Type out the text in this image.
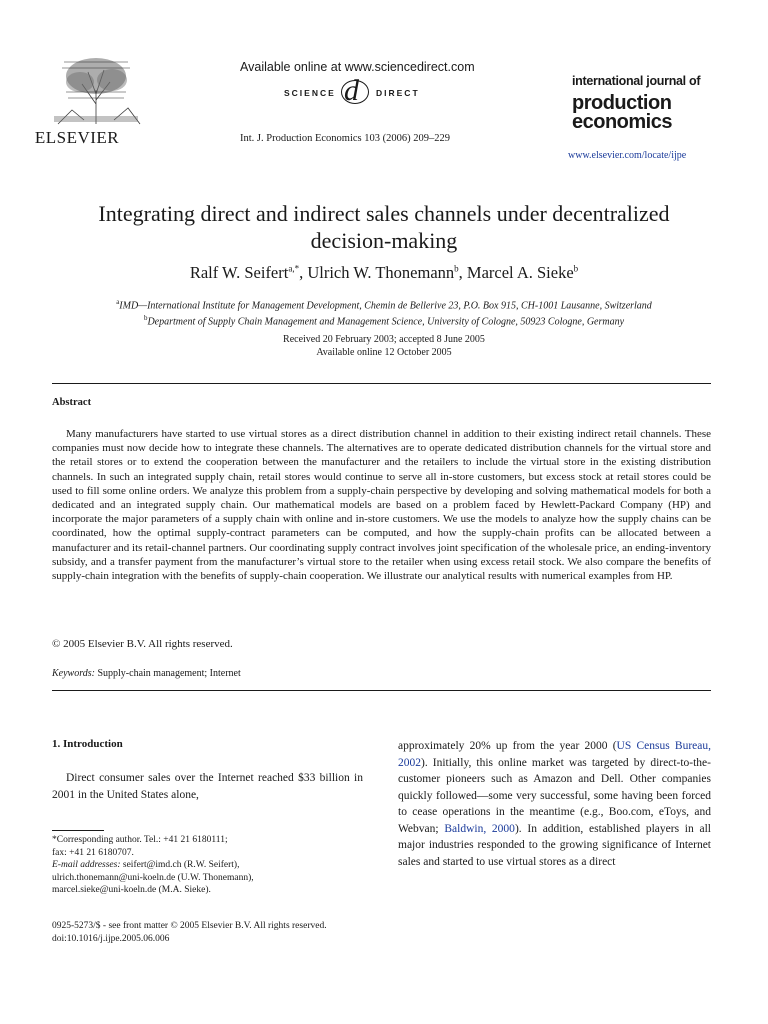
ELSEVIER
Available online at www.sciencedirect.com
SCIENCE d DIRECT
Int. J. Production Economics 103 (2006) 209–229
international journal of
production
economics
www.elsevier.com/locate/ijpe
Integrating direct and indirect sales channels under decentralized
decision-making
Ralf W. Seifert$^{a,*}$, Ulrich W. Thonemann$^b$, Marcel A. Sieke$^b$
$^a$IMD—International Institute for Management Development, Chemin de Bellerive 23, P.O. Box 915, CH-1001 Lausanne, Switzerland
$^b$Department of Supply Chain Management and Management Science, University of Cologne, 50923 Cologne, Germany
Received 20 February 2003; accepted 8 June 2005
Available online 12 October 2005
Abstract

Many manufacturers have started to use virtual stores as a direct distribution channel in addition to their existing indirect retail channels. These companies must now decide how to integrate these channels. The alternatives are to operate dedicated distribution channels for the virtual store and the retail stores or to extend the cooperation between the manufacturer and the retailers to include the virtual store in the existing distribution channels. In such an integrated supply chain, retail stores would continue to serve all in-store customers, but excess stock at retail stores could be used to fill some online orders. We analyze this problem from a supply-chain perspective by developing and solving mathematical models for both a dedicated and an integrated supply chain. Our mathematical models are based on a problem faced by Hewlett-Packard Company (HP) and incorporate the major parameters of a supply chain with online and in-store customers. We use the models to analyze how the supply chains can be coordinated, how the optimal supply-contract parameters can be computed, and how the supply-chain profits can be allocated between a manufacturer and its retail-channel partners. Our coordinating supply contract involves joint specification of the wholesale price, an ending-inventory subsidy, and a transfer payment from the manufacturer’s virtual store to the retailer when using excess retail stock. We also compare the benefits of supply-chain integration with the benefits of supply-chain cooperation. We illustrate our analytical results with numerical examples from HP.

© 2005 Elsevier B.V. All rights reserved.
Keywords: Supply-chain management; Internet
1. Introduction

Direct consumer sales over the Internet reached $33 billion in 2001 in the United States alone,

approximately 20% up from the year 2000 (US Census Bureau, 2002). Initially, this online market was targeted by direct-to-the-customer pioneers such as Amazon and Dell. Other companies quickly followed—some very successful, some having been forced to cease operations in the meantime (e.g., Boo.com, eToys, and Webvan; Baldwin, 2000). In addition, established players in all major industries responded to the growing significance of Internet sales and started to use virtual stores as a direct

*Corresponding author. Tel.: +41 21 6180111;

fax: +41 21 6180707.

E-mail addresses: seifert@imd.ch (R.W. Seifert),

ulrich.thonemann@uni-koeln.de (U.W. Thonemann),

marcel.sieke@uni-koeln.de (M.A. Sieke).

0925-5273/$ - see front matter © 2005 Elsevier B.V. All rights reserved.
doi:10.1016/j.ijpe.2005.06.006
